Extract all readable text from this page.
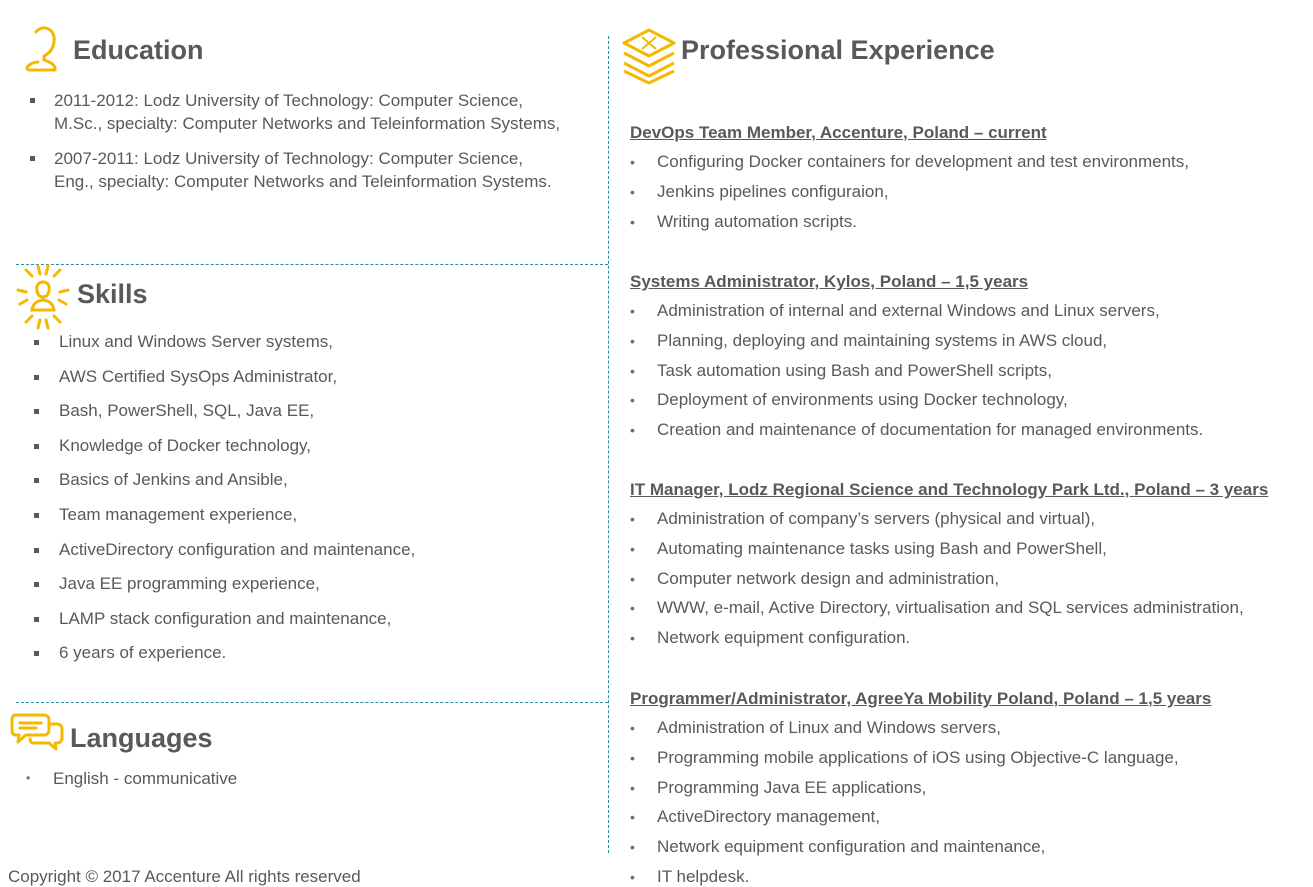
Education
2011-2012: Lodz University of Technology: Computer Science, M.Sc., specialty: Computer Networks and Teleinformation Systems,
2007-2011: Lodz University of Technology: Computer Science, Eng., specialty: Computer Networks and Teleinformation Systems.
Skills
Linux and Windows Server systems,
AWS Certified SysOps Administrator,
Bash, PowerShell, SQL, Java EE,
Knowledge of Docker technology,
Basics of Jenkins and Ansible,
Team management experience,
ActiveDirectory configuration and maintenance,
Java EE programming experience,
LAMP stack configuration and maintenance,
6 years of experience.
Languages
• English - communicative
Professional Experience
DevOps Team Member, Accenture, Poland – current
• Configuring Docker containers for development and test environments,
• Jenkins pipelines configuraion,
• Writing automation scripts.
Systems Administrator, Kylos, Poland – 1,5 years
• Administration of internal and external Windows and Linux servers,
• Planning, deploying and maintaining systems in AWS cloud,
• Task automation using Bash and PowerShell scripts,
• Deployment of environments using Docker technology,
• Creation and maintenance of documentation for managed environments.
IT Manager, Lodz Regional Science and Technology Park Ltd., Poland – 3 years
• Administration of company’s servers (physical and virtual),
• Automating maintenance tasks using Bash and PowerShell,
• Computer network design and administration,
• WWW, e-mail, Active Directory, virtualisation and SQL services administration,
• Network equipment configuration.
Programmer/Administrator, AgreeYa Mobility Poland, Poland – 1,5 years
• Administration of Linux and Windows servers,
• Programming mobile applications of iOS using Objective-C language,
• Programming Java EE applications,
• ActiveDirectory management,
• Network equipment configuration and maintenance,
• IT helpdesk.
Copyright © 2017 Accenture All rights reserved
